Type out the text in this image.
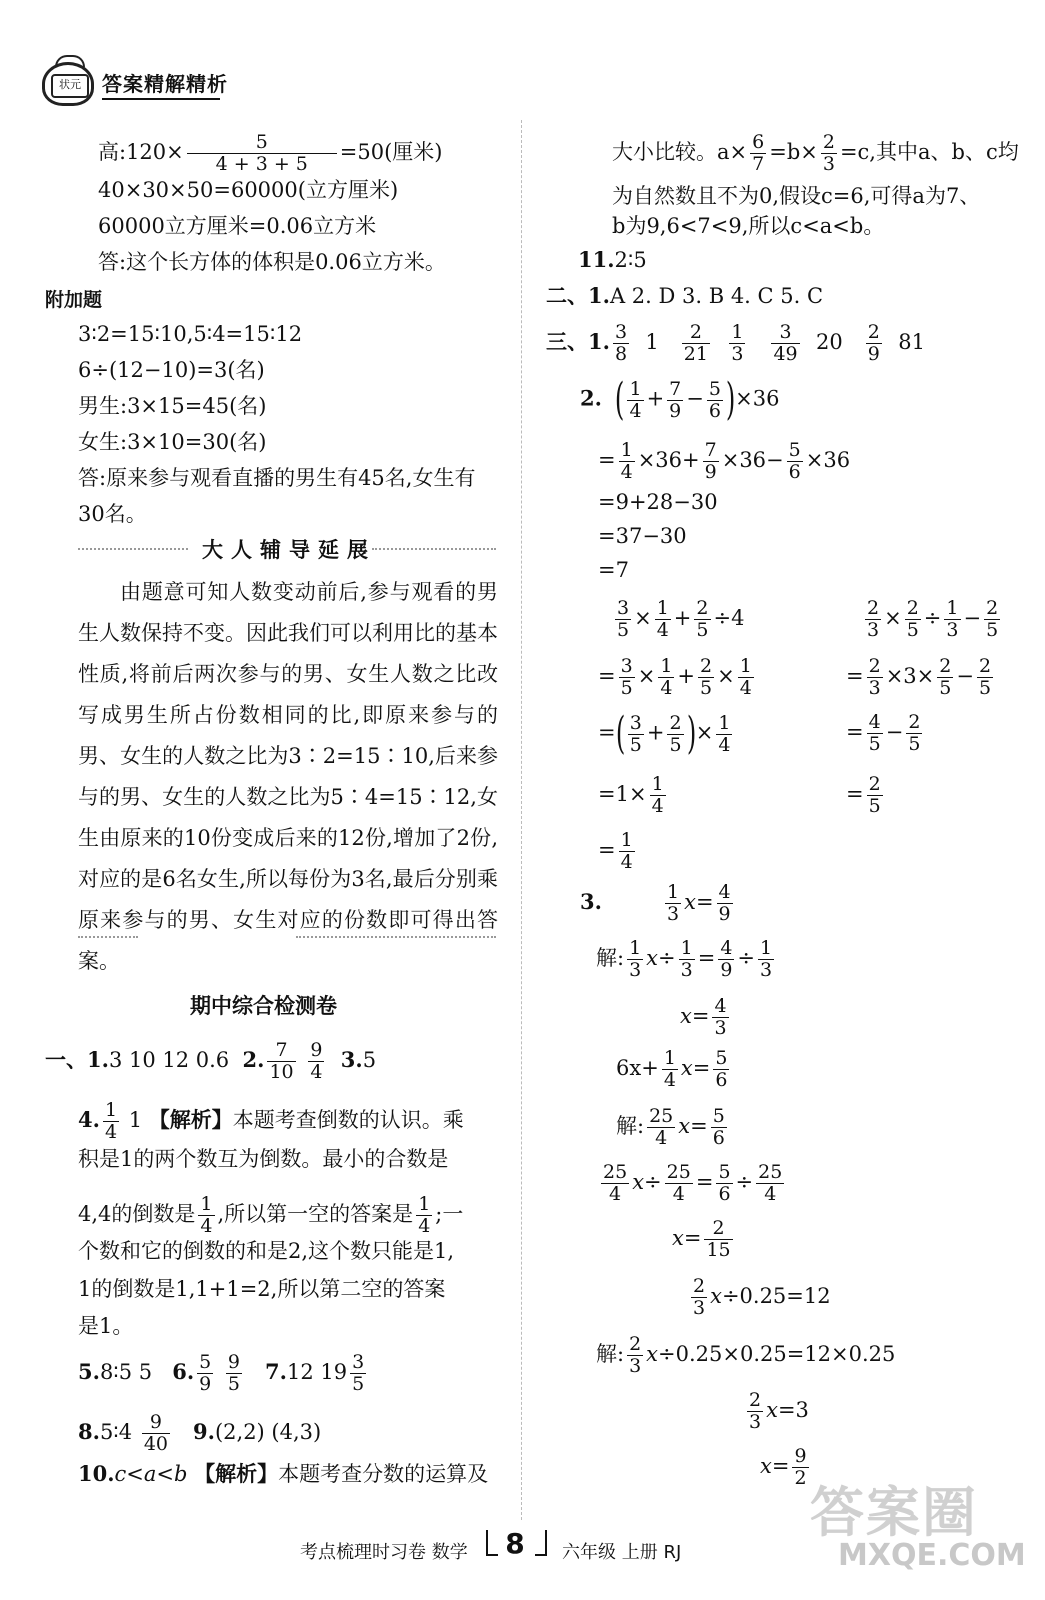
状元	答案精解精析
高:120× $\frac{5}{4 + 3 + 5} =50$(厘米)
40×30×50=60000(立方厘米)
60000立方厘米=0.06立方米
答:这个长方体的体积是0.06立方米。
附加题
3∶2=15∶10,5∶4=15∶12
6÷(12−10)=3(名)
男生:3×15=45(名)
女生:3×10=30(名)
答:原来参与观看直播的男生有45名,女生有
30名。
大人辅导延展

由题意可知人数变动前后,参与观看的男生人数保持不变。因此我们可以利用比的基本性质,将前后两次参与的男、女生人数之比改写成男生所占份数相同的比,即原来参与的男、女生的人数之比为3∶2=15∶10,后来参与的男、女生的人数之比为5∶4=15∶12,女生由原来的10份变成后来的12份,增加了2份,对应的是6名女生,所以每份为3名,最后分别乘原来参与的男、女生对应的份数即可得出答案。

期中综合检测卷
一、1.3 10 12 0.6 2. $\frac{7}{10}$
$\frac{9}{4} 3.5$
4. $\frac{1}{4} 1$ 【解析】本题考查倒数的认识。乘
积是1的两个数互为倒数。最小的合数是
4,4的倒数是 $\frac{1}{4}$ ,所以第一空的答案是 $\frac{1}{4}$ ;一
个数和它的倒数的和是2,这个数只能是1,
1的倒数是1,1+1=2,所以第二空的答案
是1。
5.8∶5 5 6. $\frac{5}{9}$
$\frac{9}{5} 7.12$ $19 \frac{3}{5}$
8.5∶4 $\frac{9}{40} 9.(2,2)$ (4,3)
10.c<a<b 【解析】本题考查分数的运算及
大小比较。$a\times \frac{6}{7} =b\times \frac{2}{3} =c$,其中a、b、c均
为自然数且不为0,假设c=6,可得a为7、
b为9,6<7<9,所以c<a<b。
11.2∶5
二、1.A 2. D 3. B 4. C 5. C
三、1. $\frac{3}{8} 1 \frac{2}{21}$
$\frac{1}{3}$
$\frac{3}{49} 20 \frac{2}{9} 81$
2. ( $\frac{1}{4} + \frac{7}{9} - \frac{5}{6} )\times 36$
= $\frac{1}{4} \times 36+ \frac{7}{9} \times 36- \frac{5}{6} \times 36$
=9+28−30
=37−30
=7
$\frac{3}{5} \times \frac{1}{4} + \frac{2}{5} \div 4$
= $\frac{3}{5} \times \frac{1}{4} + \frac{2}{5} \times \frac{1}{4}$
=( $\frac{3}{5} + \frac{2}{5}$ )× $\frac{1}{4}$
$=1\times \frac{1}{4}$
= $\frac{1}{4}$
$\frac{2}{3} \times \frac{2}{5} \div \frac{1}{3} - \frac{2}{5}$
= $\frac{2}{3} \times 3\times \frac{2}{5} - \frac{2}{5}$
= $\frac{4}{5} - \frac{2}{5}$
= $\frac{2}{5}$
3.	$\frac{1}{3} x= \frac{4}{9}$
解: $\frac{1}{3} x\div \frac{1}{3} = \frac{4}{9} \div \frac{1}{3}$
$x= \frac{4}{3}$
$6x+ \frac{1}{4} x= \frac{5}{6}$
解: $\frac{25}{4} x= \frac{5}{6}$
$\frac{25}{4} x\div \frac{25}{4} = \frac{5}{6} \div \frac{25}{4}$
$x= \frac{2}{15}$
$\frac{2}{3} x\div 0.25=12$
解: $\frac{2}{3} x\div 0.25\times 0.25=12\times 0.25$
$\frac{2}{3} x=3$
$x= \frac{9}{2}$
考点梳理时习卷 数学	8	六年级 上册 RJ
答案圈
MXQE.COM
